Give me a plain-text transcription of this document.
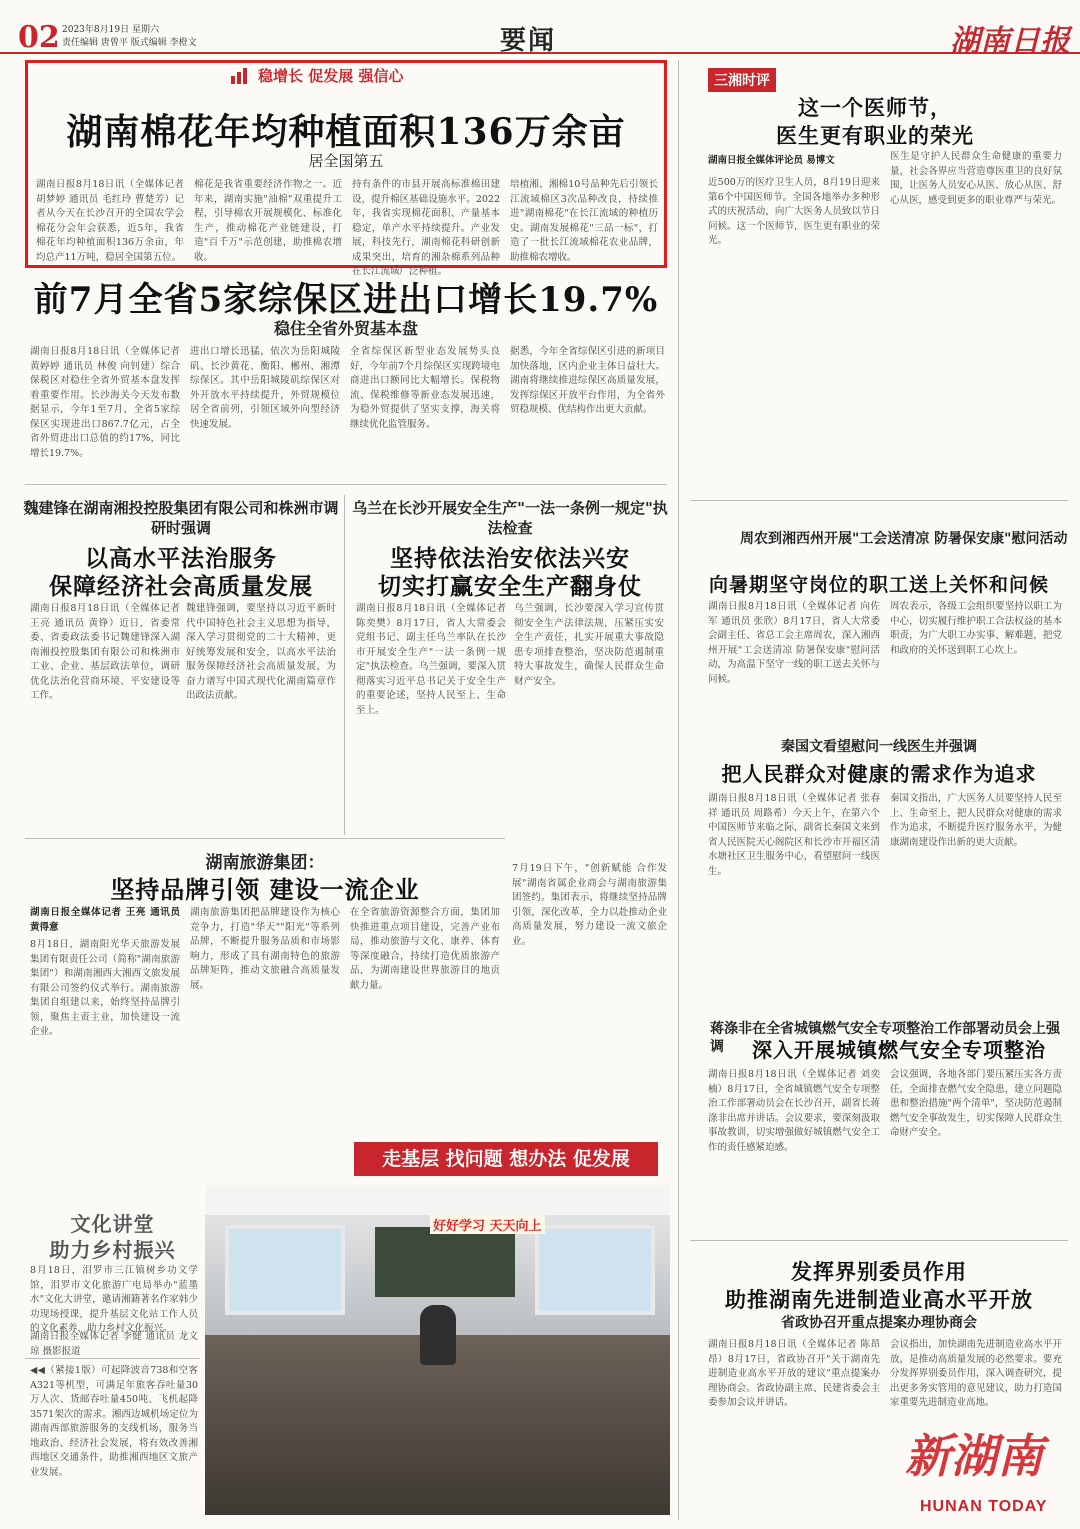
02 2023年8月19日 星期六
责任编辑 唐曾平 版式编辑 李橙文	要闻	湖南日报
稳增长 促发展 强信心
湖南棉花年均种植面积136万余亩
居全国第五
湖南日报8月18日讯（全媒体记者 胡梦婷 通讯员 毛红玲 曹楚芳）记者从今天在长沙召开的全国农学会棉花分会年会获悉，近5年，我省棉花年均种植面积136万余亩，年均总产11万吨，稳居全国第五位。
棉花是我省重要经济作物之一。近年来，湖南实施"油棉"双重提升工程，引导棉农开展规模化、标准化生产，推动棉花产业链建设，打造"百千万"示范创建，助推棉农增收。
持有条件的市县开展高标准棉田建设，提升棉区基础设施水平。2022年，我省实现棉花面积、产量基本稳定，单产水平持续提升。产业发展，科技先行，湖南棉花科研创新成果突出，培育的湘杂棉系列品种在长江流域广泛种植。
培植湘、湘棉10号品种先后引领长江流域棉区3次品种改良，持续推进"湖南棉花"在长江流域的种植历史。湖南发展棉花"三品一标"，打造了一批长江流域棉花农业品牌，助推棉农增收。
前7月全省5家综保区进出口增长19.7%
稳住全省外贸基本盘
湖南日报8月18日讯（全媒体记者 黄婷婷 通讯员 林俊 向钊建）综合保税区对稳住全省外贸基本盘发挥着重要作用。长沙海关今天发布数据显示，今年1至7月，全省5家综保区实现进出口867.7亿元，占全省外贸进出口总值的约17%，同比增长19.7%。
进出口增长迅猛，依次为岳阳城陵矶、长沙黄花、衡阳、郴州、湘潭综保区。其中岳阳城陵矶综保区对外开放水平持续提升，外贸规模位居全省前列，引领区域外向型经济快速发展。
全省综保区新型业态发展势头良好，今年前7个月综保区实现跨境电商进出口额同比大幅增长。保税物流、保税维修等新业态发展迅速，为稳外贸提供了坚实支撑，海关将继续优化监管服务。
据悉，今年全省综保区引进的新项目加快落地，区内企业主体日益壮大。湖南将继续推进综保区高质量发展，发挥综保区开放平台作用，为全省外贸稳规模、优结构作出更大贡献。
魏建锋在湖南湘投控股集团有限公司和株洲市调研时强调
以高水平法治服务
保障经济社会高质量发展
湖南日报8月18日讯（全媒体记者 王亮 通讯员 黄铮）近日，省委常委、省委政法委书记魏建锋深入湖南湘投控股集团有限公司和株洲市工业、企业、基层政法单位，调研优化法治化营商环境、平安建设等工作。
魏建锋强调，要坚持以习近平新时代中国特色社会主义思想为指导，深入学习贯彻党的二十大精神，更好统筹发展和安全，以高水平法治服务保障经济社会高质量发展，为奋力谱写中国式现代化湖南篇章作出政法贡献。
乌兰在长沙开展安全生产"一法一条例一规定"执法检查
坚持依法治安依法兴安
切实打赢安全生产翻身仗
湖南日报8月18日讯（全媒体记者 陈奕樊）8月17日，省人大常委会党组书记、副主任乌兰率队在长沙市开展安全生产"一法一条例一规定"执法检查。乌兰强调，要深入贯彻落实习近平总书记关于安全生产的重要论述，坚持人民至上、生命至上。
乌兰强调，长沙要深入学习宣传贯彻安全生产法律法规，压紧压实安全生产责任，扎实开展重大事故隐患专项排查整治，坚决防范遏制重特大事故发生，确保人民群众生命财产安全。
湖南旅游集团：
坚持品牌引领 建设一流企业
湖南日报全媒体记者 王亮 通讯员 黄得意
8月18日，湖南阳光华天旅游发展集团有限责任公司（简称"湖南旅游集团"）和湖南湘西大湘西文旅发展有限公司签约仪式举行。湖南旅游集团自组建以来，始终坚持品牌引领，聚焦主责主业，加快建设一流企业。
湖南旅游集团把品牌建设作为核心竞争力，打造"华天""阳光"等系列品牌，不断提升服务品质和市场影响力，形成了具有湖南特色的旅游品牌矩阵，推动文旅融合高质量发展。
在全省旅游资源整合方面，集团加快推进重点项目建设，完善产业布局，推动旅游与文化、康养、体育等深度融合，持续打造优质旅游产品，为湖南建设世界旅游目的地贡献力量。
7月19日下午，"创新赋能 合作发展"湖南省属企业商会与湖南旅游集团签约。集团表示，将继续坚持品牌引领，深化改革，全力以赴推动企业高质量发展，努力建设一流文旅企业。
走基层 找问题 想办法 促发展
文化讲堂
助力乡村振兴
8月18日，泪罗市三江镇树乡功文学馆，泪罗市文化旅游广电局举办"蓝墨水"文化大讲堂，邀请湘籍著名作家韩少功现场授课，提升基层文化站工作人员的文化素养，助力乡村文化振兴。
湖南日报全媒体记者 李健 通讯员 龙文琼 摄影报道
◀◀（紧接1版）可起降波音738和空客A321等机型，可满足年旅客吞吐量30万人次、货邮吞吐量450吨、飞机起降3571架次的需求。湘西边城机场定位为湖南西部旅游服务的支线机场，服务当地政治、经济社会发展，将有效改善湘西地区交通条件，助推湘西地区文旅产业发展。
好好学习 天天向上
三湘时评
这一个医师节，
医生更有职业的荣光
湖南日报全媒体评论员 易博文
近500万的医疗卫生人员，8月19日迎来第6个中国医师节。全国各地举办多种形式的庆祝活动，向广大医务人员致以节日问候。这一个医师节，医生更有职业的荣光。
医生是守护人民群众生命健康的重要力量，社会各界应当营造尊医重卫的良好氛围，让医务人员安心从医、放心从医、舒心从医，感受到更多的职业尊严与荣光。
周农到湘西州开展"工会送清凉 防暑保安康"慰问活动
向暑期坚守岗位的职工送上关怀和问候
湖南日报8月18日讯（全媒体记者 向佐军 通讯员 张欣）8月17日，省人大常委会副主任、省总工会主席周农，深入湘西州开展"工会送清凉 防暑保安康"慰问活动，为高温下坚守一线的职工送去关怀与问候。
周农表示，各级工会组织要坚持以职工为中心，切实履行维护职工合法权益的基本职责，为广大职工办实事、解难题，把党和政府的关怀送到职工心坎上。
秦国文看望慰问一线医生并强调
把人民群众对健康的需求作为追求
湖南日报8月18日讯（全媒体记者 张春祥 通讯员 周路希）今天上午，在第六个中国医师节来临之际，副省长秦国文来到省人民医院天心阁院区和长沙市开福区清水塘社区卫生服务中心，看望慰问一线医生。
秦国文指出，广大医务人员要坚持人民至上、生命至上，把人民群众对健康的需求作为追求，不断提升医疗服务水平，为健康湖南建设作出新的更大贡献。
蒋涤非在全省城镇燃气安全专项整治工作部署动员会上强调	深入开展城镇燃气安全专项整治
湖南日报8月18日讯（全媒体记者 刘奕楠）8月17日，全省城镇燃气安全专项整治工作部署动员会在长沙召开，副省长蒋涤非出席并讲话。会议要求，要深刻汲取事故教训，切实增强做好城镇燃气安全工作的责任感紧迫感。
会议强调，各地各部门要压紧压实各方责任，全面排查燃气安全隐患，建立问题隐患和整治措施"两个清单"，坚决防范遏制燃气安全事故发生，切实保障人民群众生命财产安全。
发挥界别委员作用
助推湖南先进制造业高水平开放
省政协召开重点提案办理协商会
湖南日报8月18日讯（全媒体记者 陈昂昂）8月17日，省政协召开"关于湖南先进制造业高水平开放的建议"重点提案办理协商会。省政协副主席、民建省委会主委参加会议并讲话。
会议指出，加快湖南先进制造业高水平开放，是推动高质量发展的必然要求。要充分发挥界别委员作用，深入调查研究，提出更多务实管用的意见建议，助力打造国家重要先进制造业高地。
新湖南
HUNAN TODAY
